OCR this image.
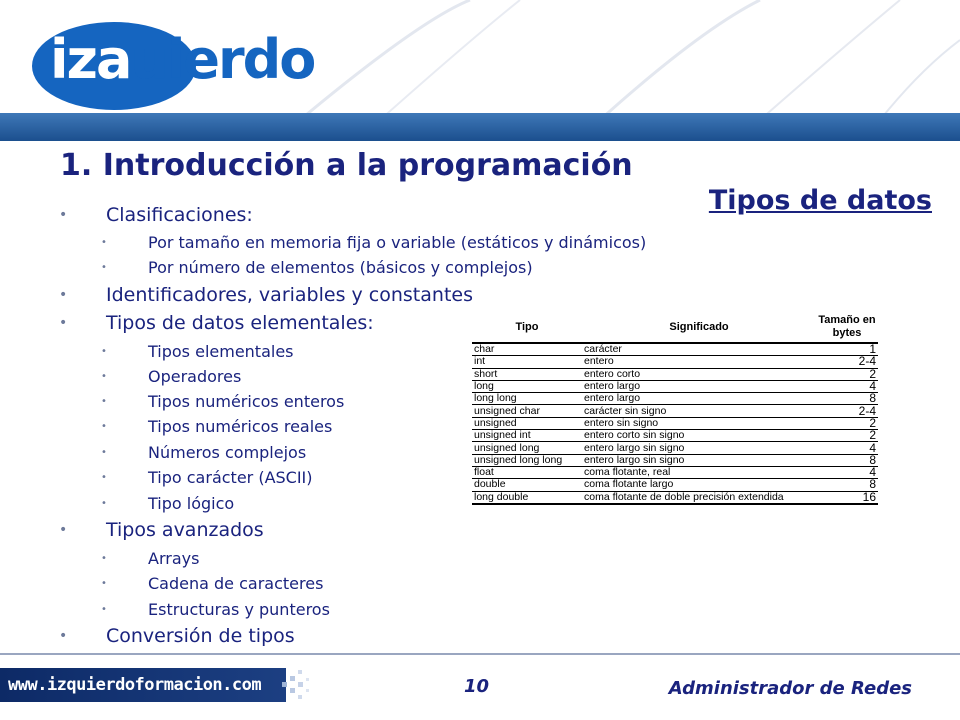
izauierdo
1. Introducción a la programación
Tipos de datos
• Clasificaciones:
•	Por tamaño en memoria fija o variable (estáticos y dinámicos)
•	Por número de elementos (básicos y complejos)
• Identificadores, variables y constantes
• Tipos de datos elementales:
•	Tipos elementales
•	Operadores
•	Tipos numéricos enteros
•	Tipos numéricos reales
•	Números complejos
•	Tipo carácter (ASCII)
•	Tipo lógico
• Tipos avanzados
•	Arrays
•	Cadena de caracteres
•	Estructuras y punteros
• Conversión de tipos
Tipo	Significado	Tamaño en
bytes
char	carácter	1
int	entero	2-4
short	entero corto	2
long	entero largo	4
long long	entero largo	8
unsigned char	carácter sin signo	2-4
unsigned	entero sin signo	2
unsigned int	entero corto sin signo	2
unsigned long	entero largo sin signo	4
unsigned long long	entero largo sin signo	8
float	coma flotante, real	4
double	coma flotante largo	8
long double	coma flotante de doble precisión extendida	16
www.izquierdoformacion.com	10	Administrador de Redes
